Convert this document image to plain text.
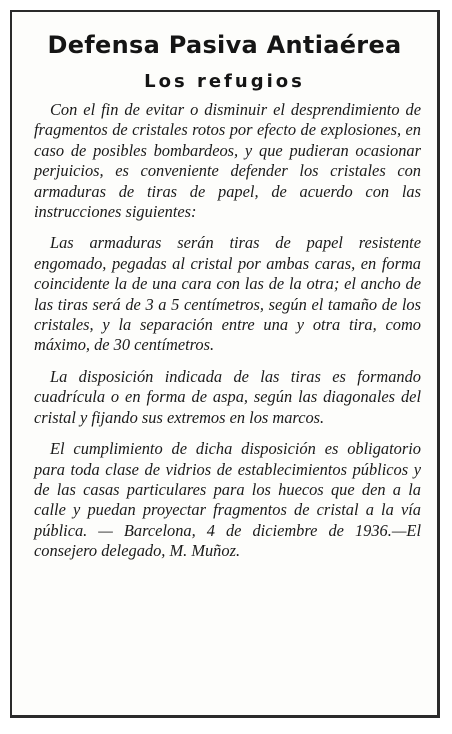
Defensa Pasiva Antiaérea
Los refugios

Con el fin de evitar o disminuir el desprendimiento de fragmentos de cristales rotos por efecto de explosiones, en caso de posibles bombardeos, y que pudieran ocasionar perjuicios, es conveniente defender los cristales con armaduras de tiras de papel, de acuerdo con las instrucciones siguientes:

Las armaduras serán tiras de papel resistente engomado, pegadas al cristal por ambas caras, en forma coincidente la de una cara con las de la otra; el ancho de las tiras será de 3 a 5 centímetros, según el tamaño de los cristales, y la separación entre una y otra tira, como máximo, de 30 centímetros.

La disposición indicada de las tiras es formando cuadrícula o en forma de aspa, según las diagonales del cristal y fijando sus extremos en los marcos.

El cumplimiento de dicha disposición es obligatorio para toda clase de vidrios de establecimientos públicos y de las casas particulares para los huecos que den a la calle y puedan proyectar fragmentos de cristal a la vía pública. — Barcelona, 4 de diciembre de 1936.—El consejero delegado, M. Muñoz.
